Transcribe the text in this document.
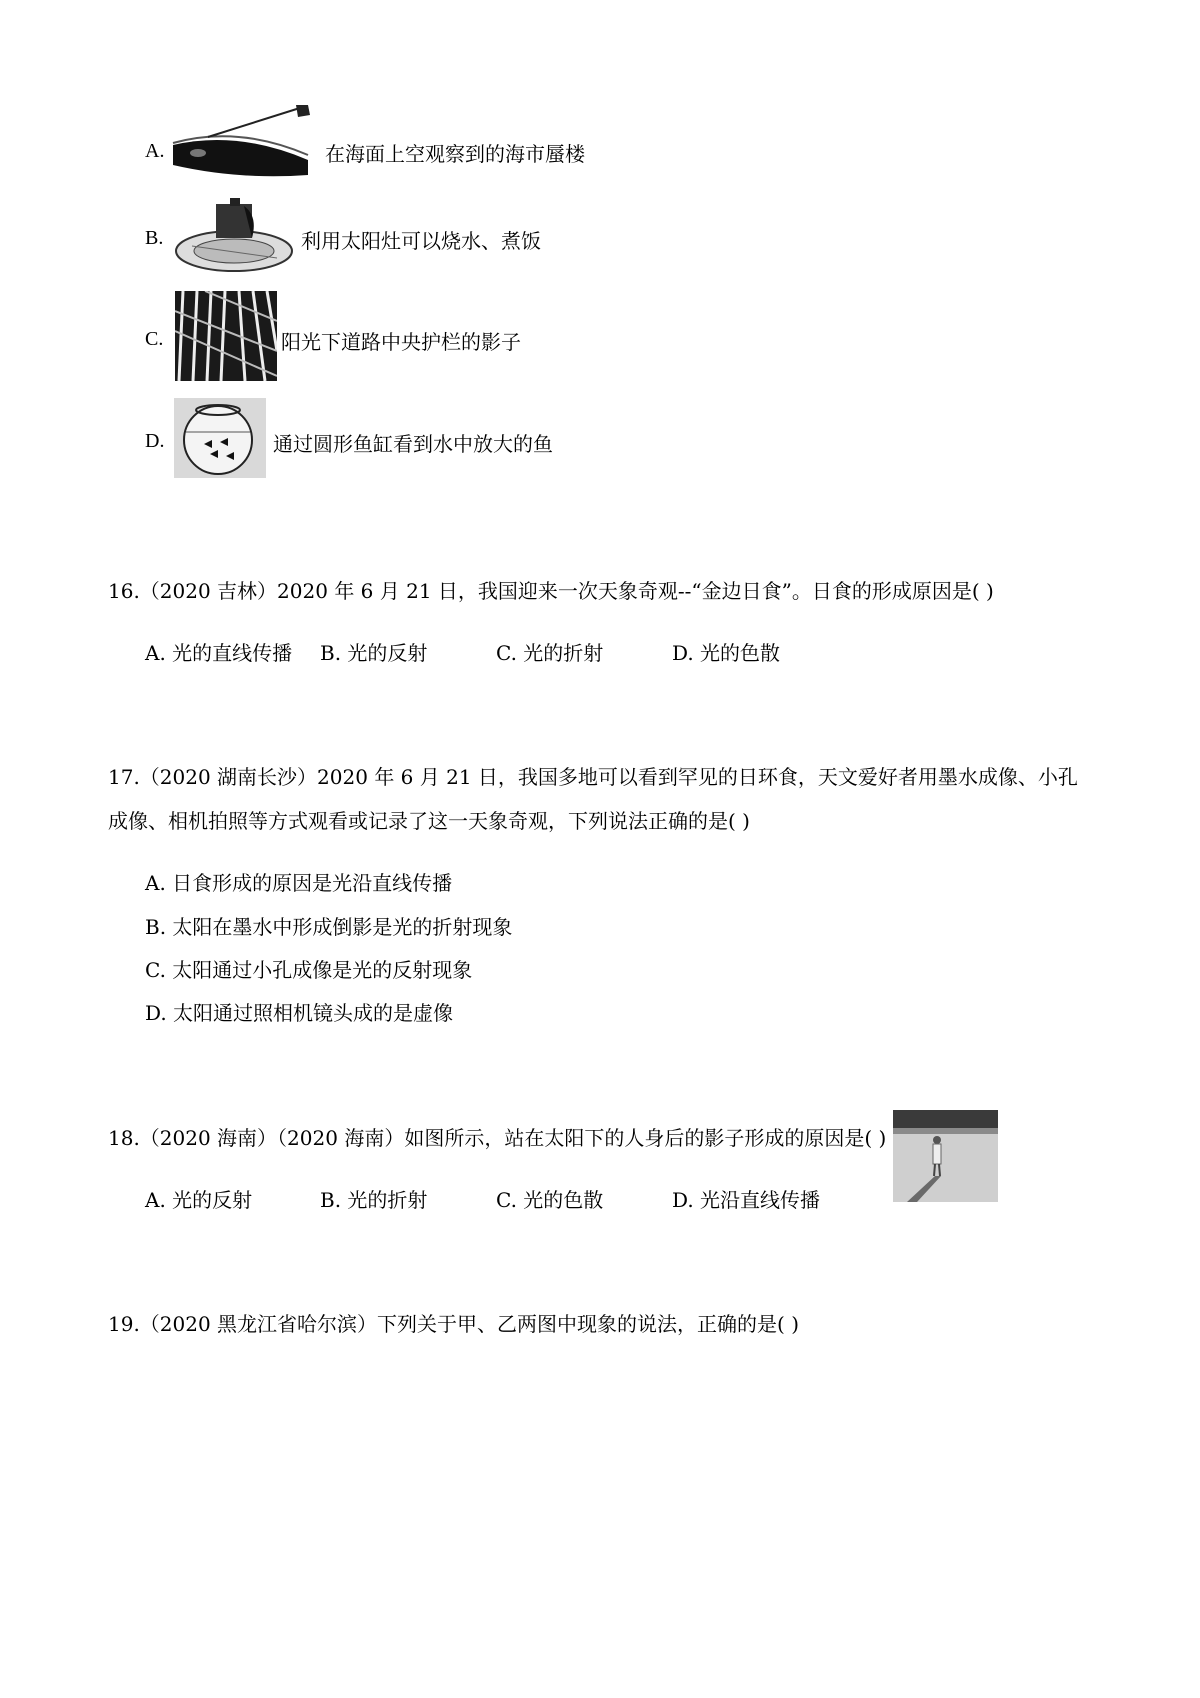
A.	在海面上空观察到的海市蜃楼
B.	利用太阳灶可以烧水、煮饭
C.	阳光下道路中央护栏的影子
D.	通过圆形鱼缸看到水中放大的鱼
16.（2020 吉林）2020 年 6 月 21 日，我国迎来一次天象奇观--“金边日食”。日食的形成原因是( )
A. 光的直线传播 B. 光的反射	C. 光的折射	D. 光的色散
17.（2020 湖南长沙）2020 年 6 月 21 日，我国多地可以看到罕见的日环食，天文爱好者用墨水成像、小孔
成像、相机拍照等方式观看或记录了这一天象奇观，下列说法正确的是( )
A. 日食形成的原因是光沿直线传播
B. 太阳在墨水中形成倒影是光的折射现象
C. 太阳通过小孔成像是光的反射现象
D. 太阳通过照相机镜头成的是虚像
18.（2020 海南）（2020 海南）如图所示，站在太阳下的人身后的影子形成的原因是( )
A. 光的反射	B. 光的折射	C. 光的色散	D. 光沿直线传播
19.（2020 黑龙江省哈尔滨）下列关于甲、乙两图中现象的说法，正确的是( )
